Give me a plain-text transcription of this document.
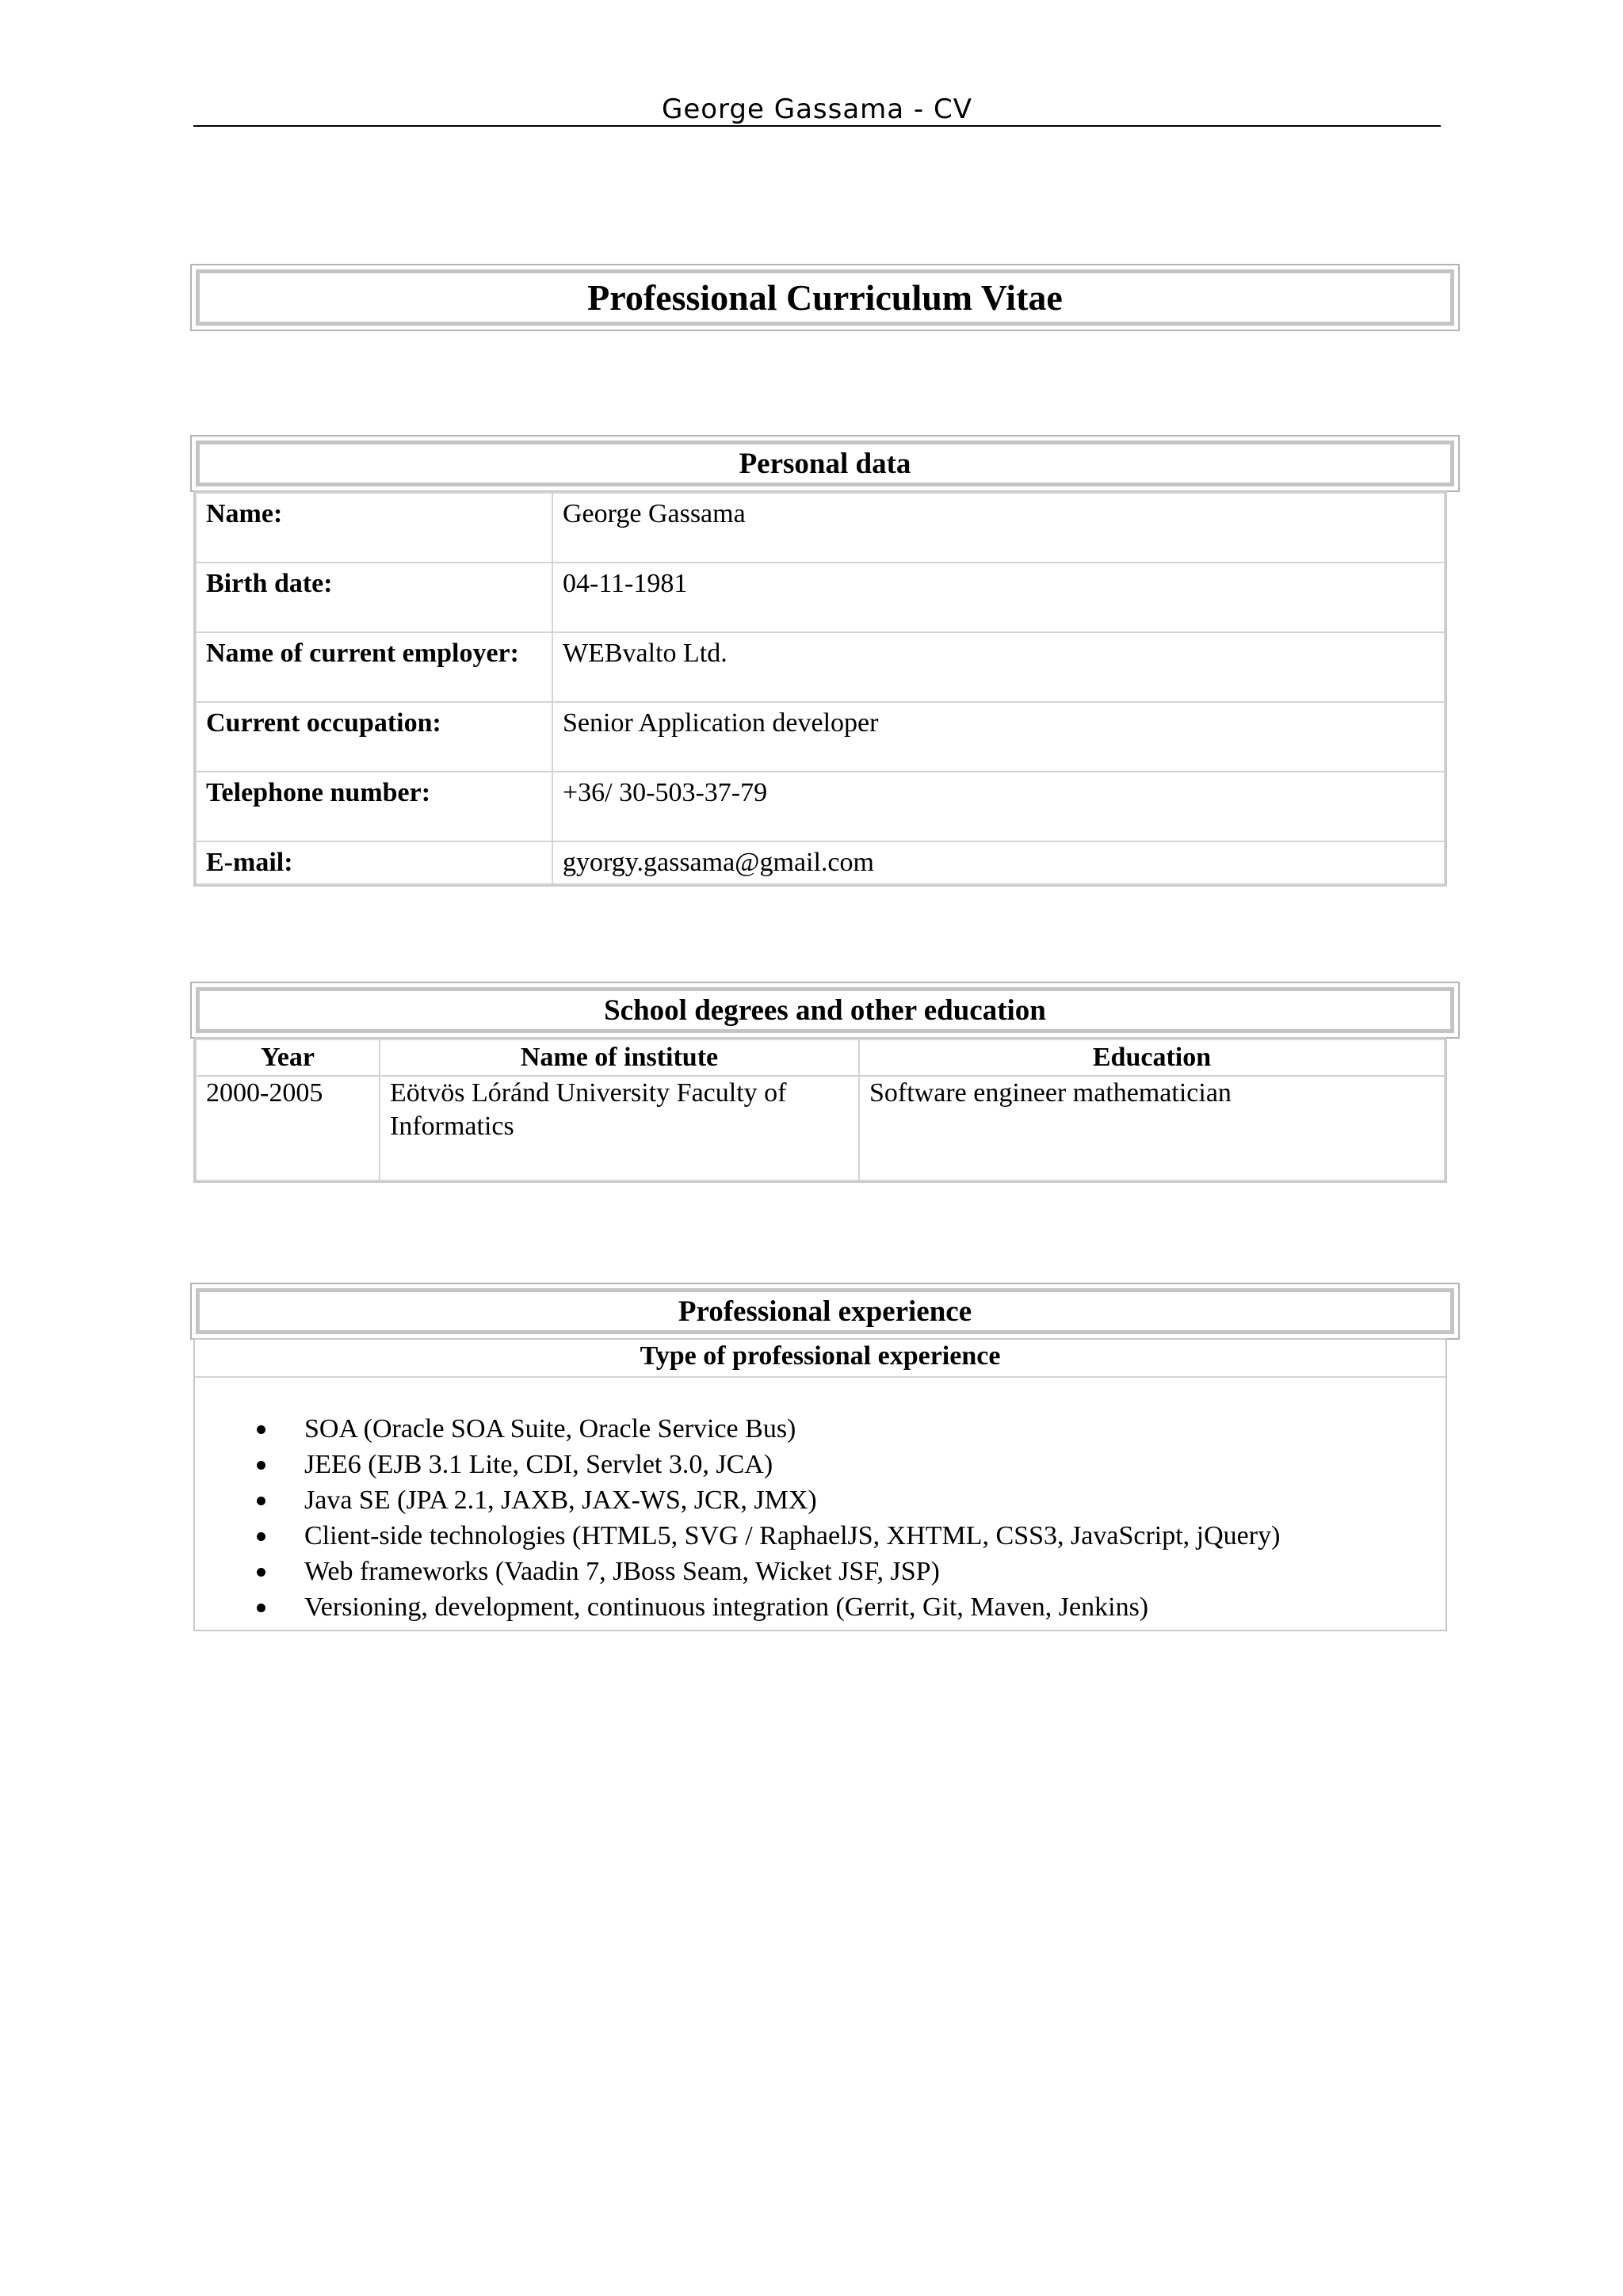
George Gassama - CV
Professional Curriculum Vitae
Personal data
Name:	George Gassama
Birth date:	04-11-1981
Name of current employer:	WEBvalto Ltd.
Current occupation:	Senior Application developer
Telephone number:	+36/ 30-503-37-79
E-mail:	gyorgy.gassama@gmail.com
School degrees and other education
Year	Name of institute	Education
2000-2005	Eötvös Lóránd University Faculty of Informatics	Software engineer mathematician
Professional experience
Type of professional experience
SOA (Oracle SOA Suite, Oracle Service Bus)
JEE6 (EJB 3.1 Lite, CDI, Servlet 3.0, JCA)
Java SE (JPA 2.1, JAXB, JAX-WS, JCR, JMX)
Client-side technologies (HTML5, SVG / RaphaelJS, XHTML, CSS3, JavaScript, jQuery)
Web frameworks (Vaadin 7, JBoss Seam, Wicket JSF, JSP)
Versioning, development, continuous integration (Gerrit, Git, Maven, Jenkins)
